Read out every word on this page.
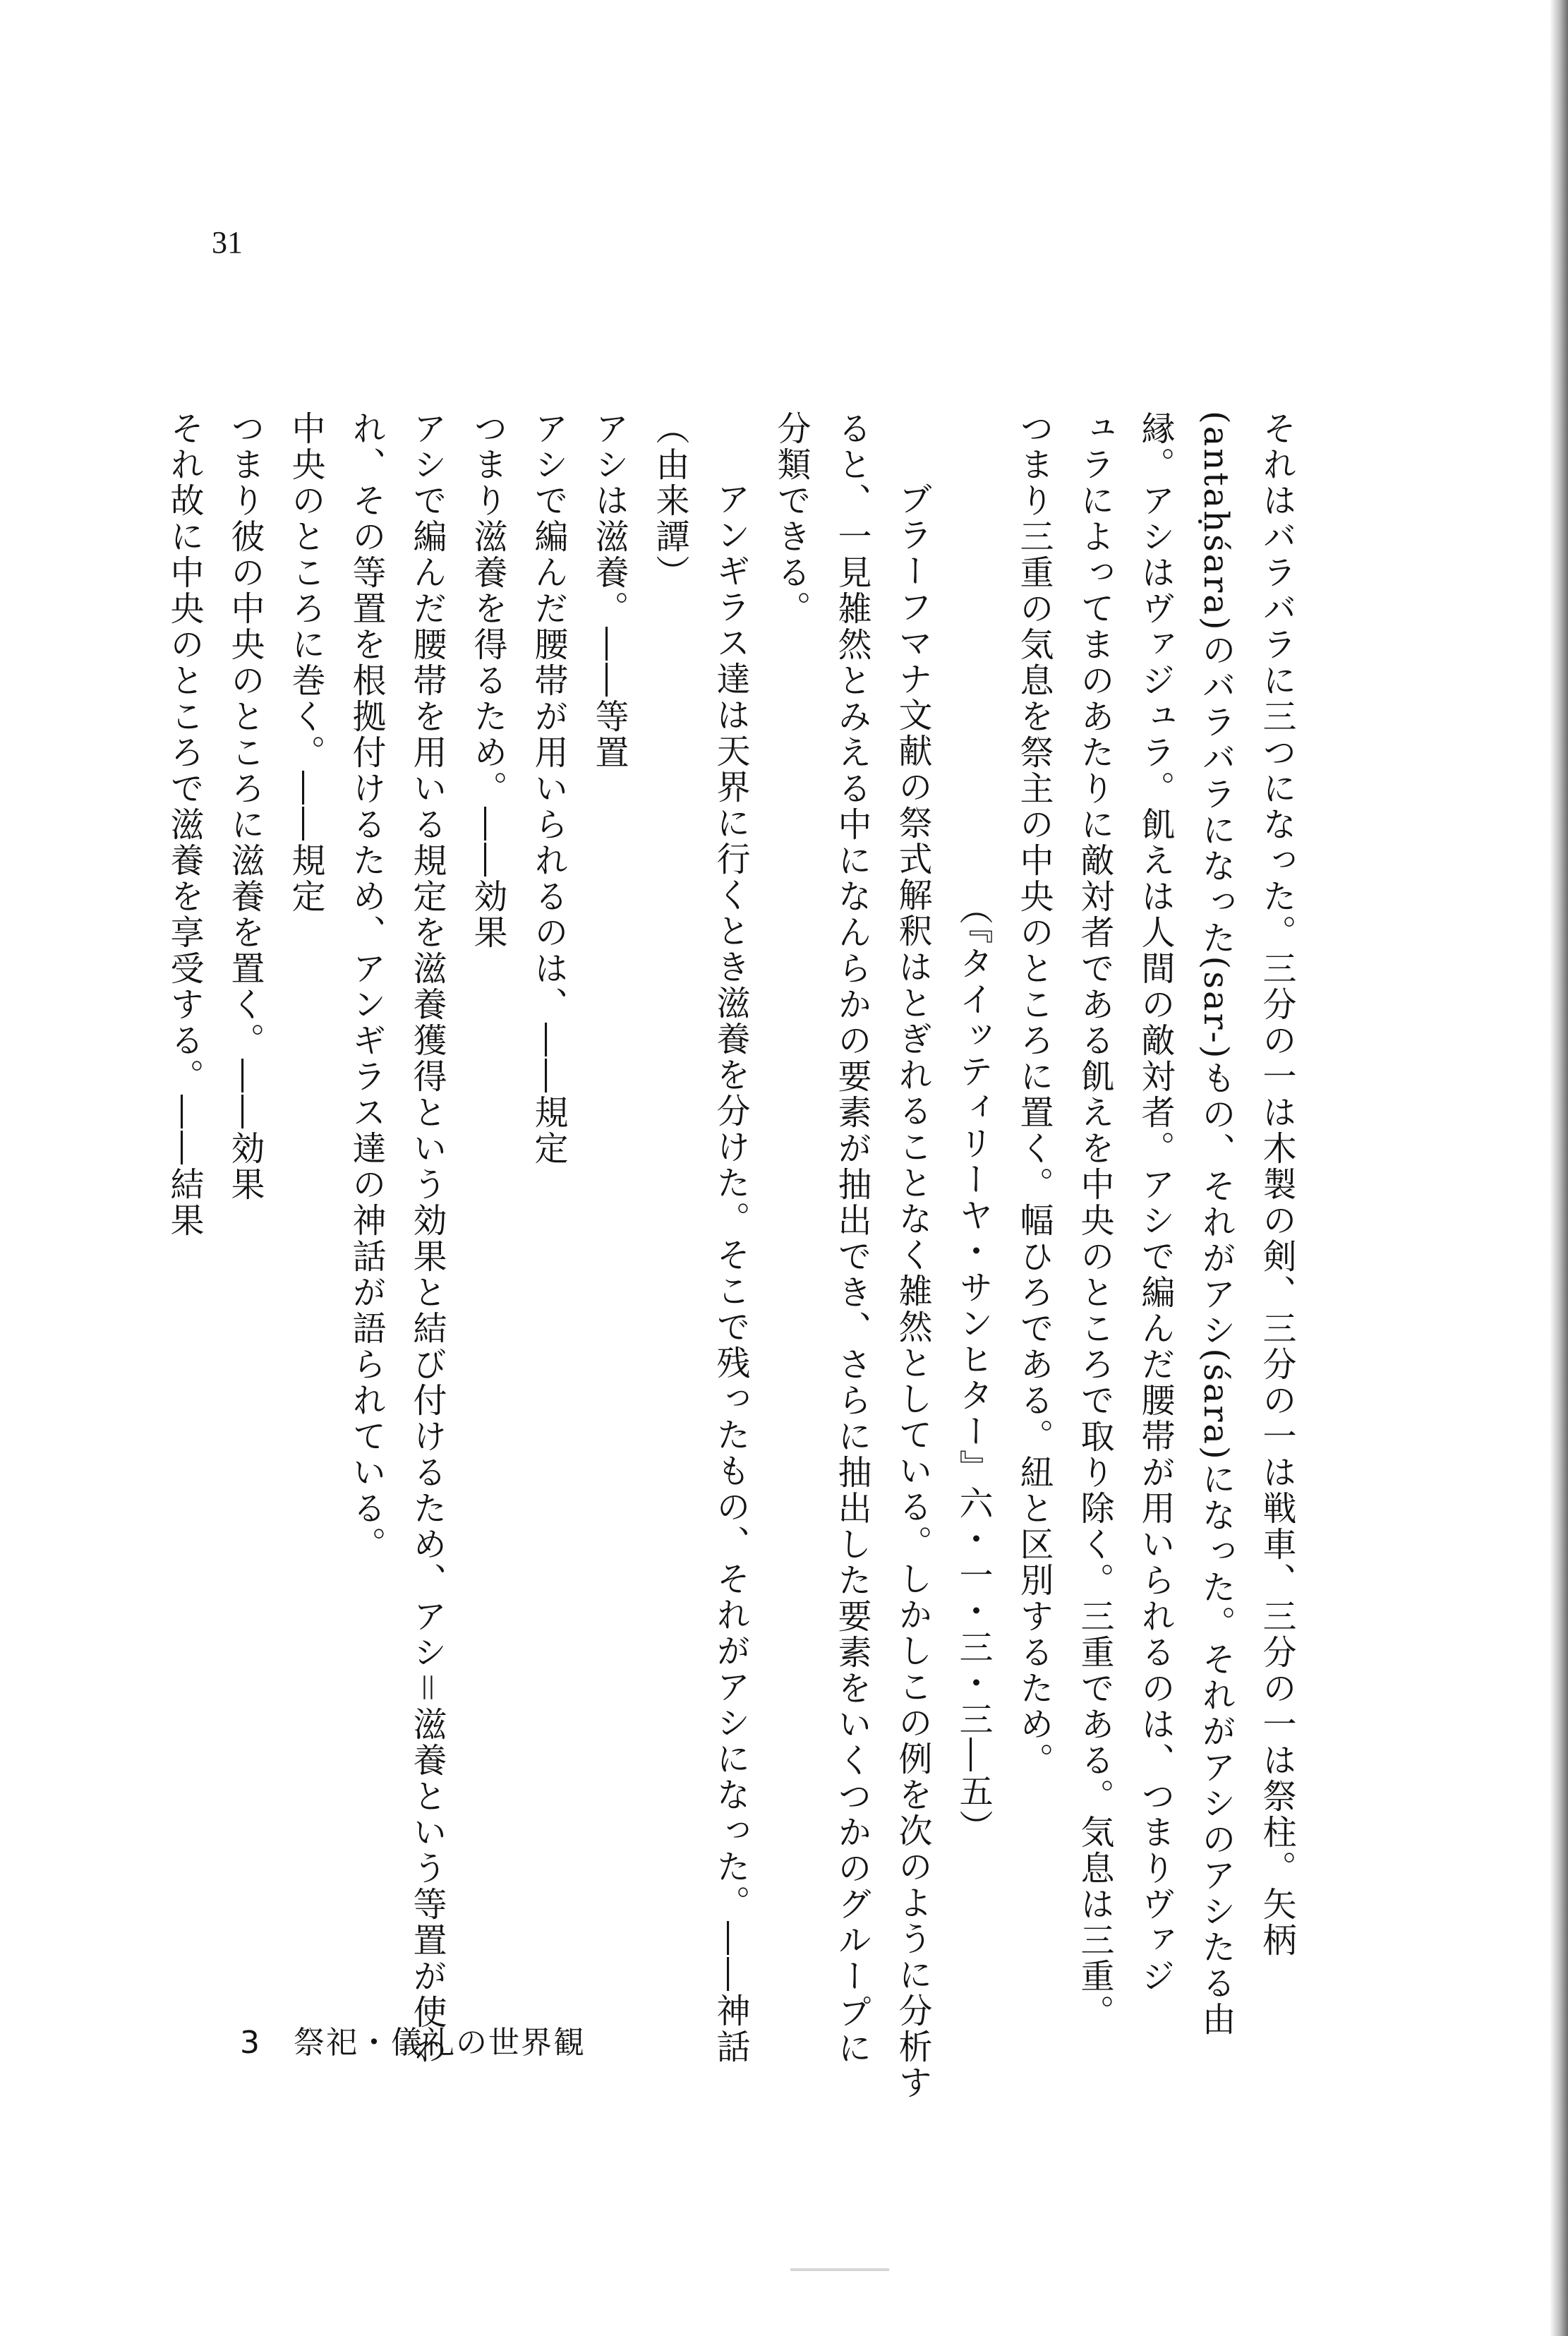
31
それはバラバラに三つになった。三分の一は木製の剣、三分の一は戦車、三分の一は祭柱。矢柄
(antaḥśara)のバラバラになった(sar-)もの、それがアシ(śara)になった。それがアシのアシたる由
縁。アシはヴァジュラ。飢えは人間の敵対者。アシで編んだ腰帯が用いられるのは、つまりヴァジ
ュラによってまのあたりに敵対者である飢えを中央のところで取り除く。三重である。気息は三重。
つまり三重の気息を祭主の中央のところに置く。幅ひろである。紐と区別するため。
（『タイッティリーヤ・サンヒター』六・一・三・三―五）
ブラーフマナ文献の祭式解釈はとぎれることなく雑然としている。しかしこの例を次のように分析す
ると、一見雑然とみえる中になんらかの要素が抽出でき、さらに抽出した要素をいくつかのグループに
分類できる。
アンギラス達は天界に行くとき滋養を分けた。そこで残ったもの、それがアシになった。――神話
（由来譚）
アシは滋養。――等置
アシで編んだ腰帯が用いられるのは、――規定
つまり滋養を得るため。――効果
アシで編んだ腰帯を用いる規定を滋養獲得という効果と結び付けるため、アシ＝滋養という等置が使わ
れ、その等置を根拠付けるため、アンギラス達の神話が語られている。
中央のところに巻く。――規定
つまり彼の中央のところに滋養を置く。――効果
それ故に中央のところで滋養を享受する。――結果
3　祭祀・儀礼の世界観
